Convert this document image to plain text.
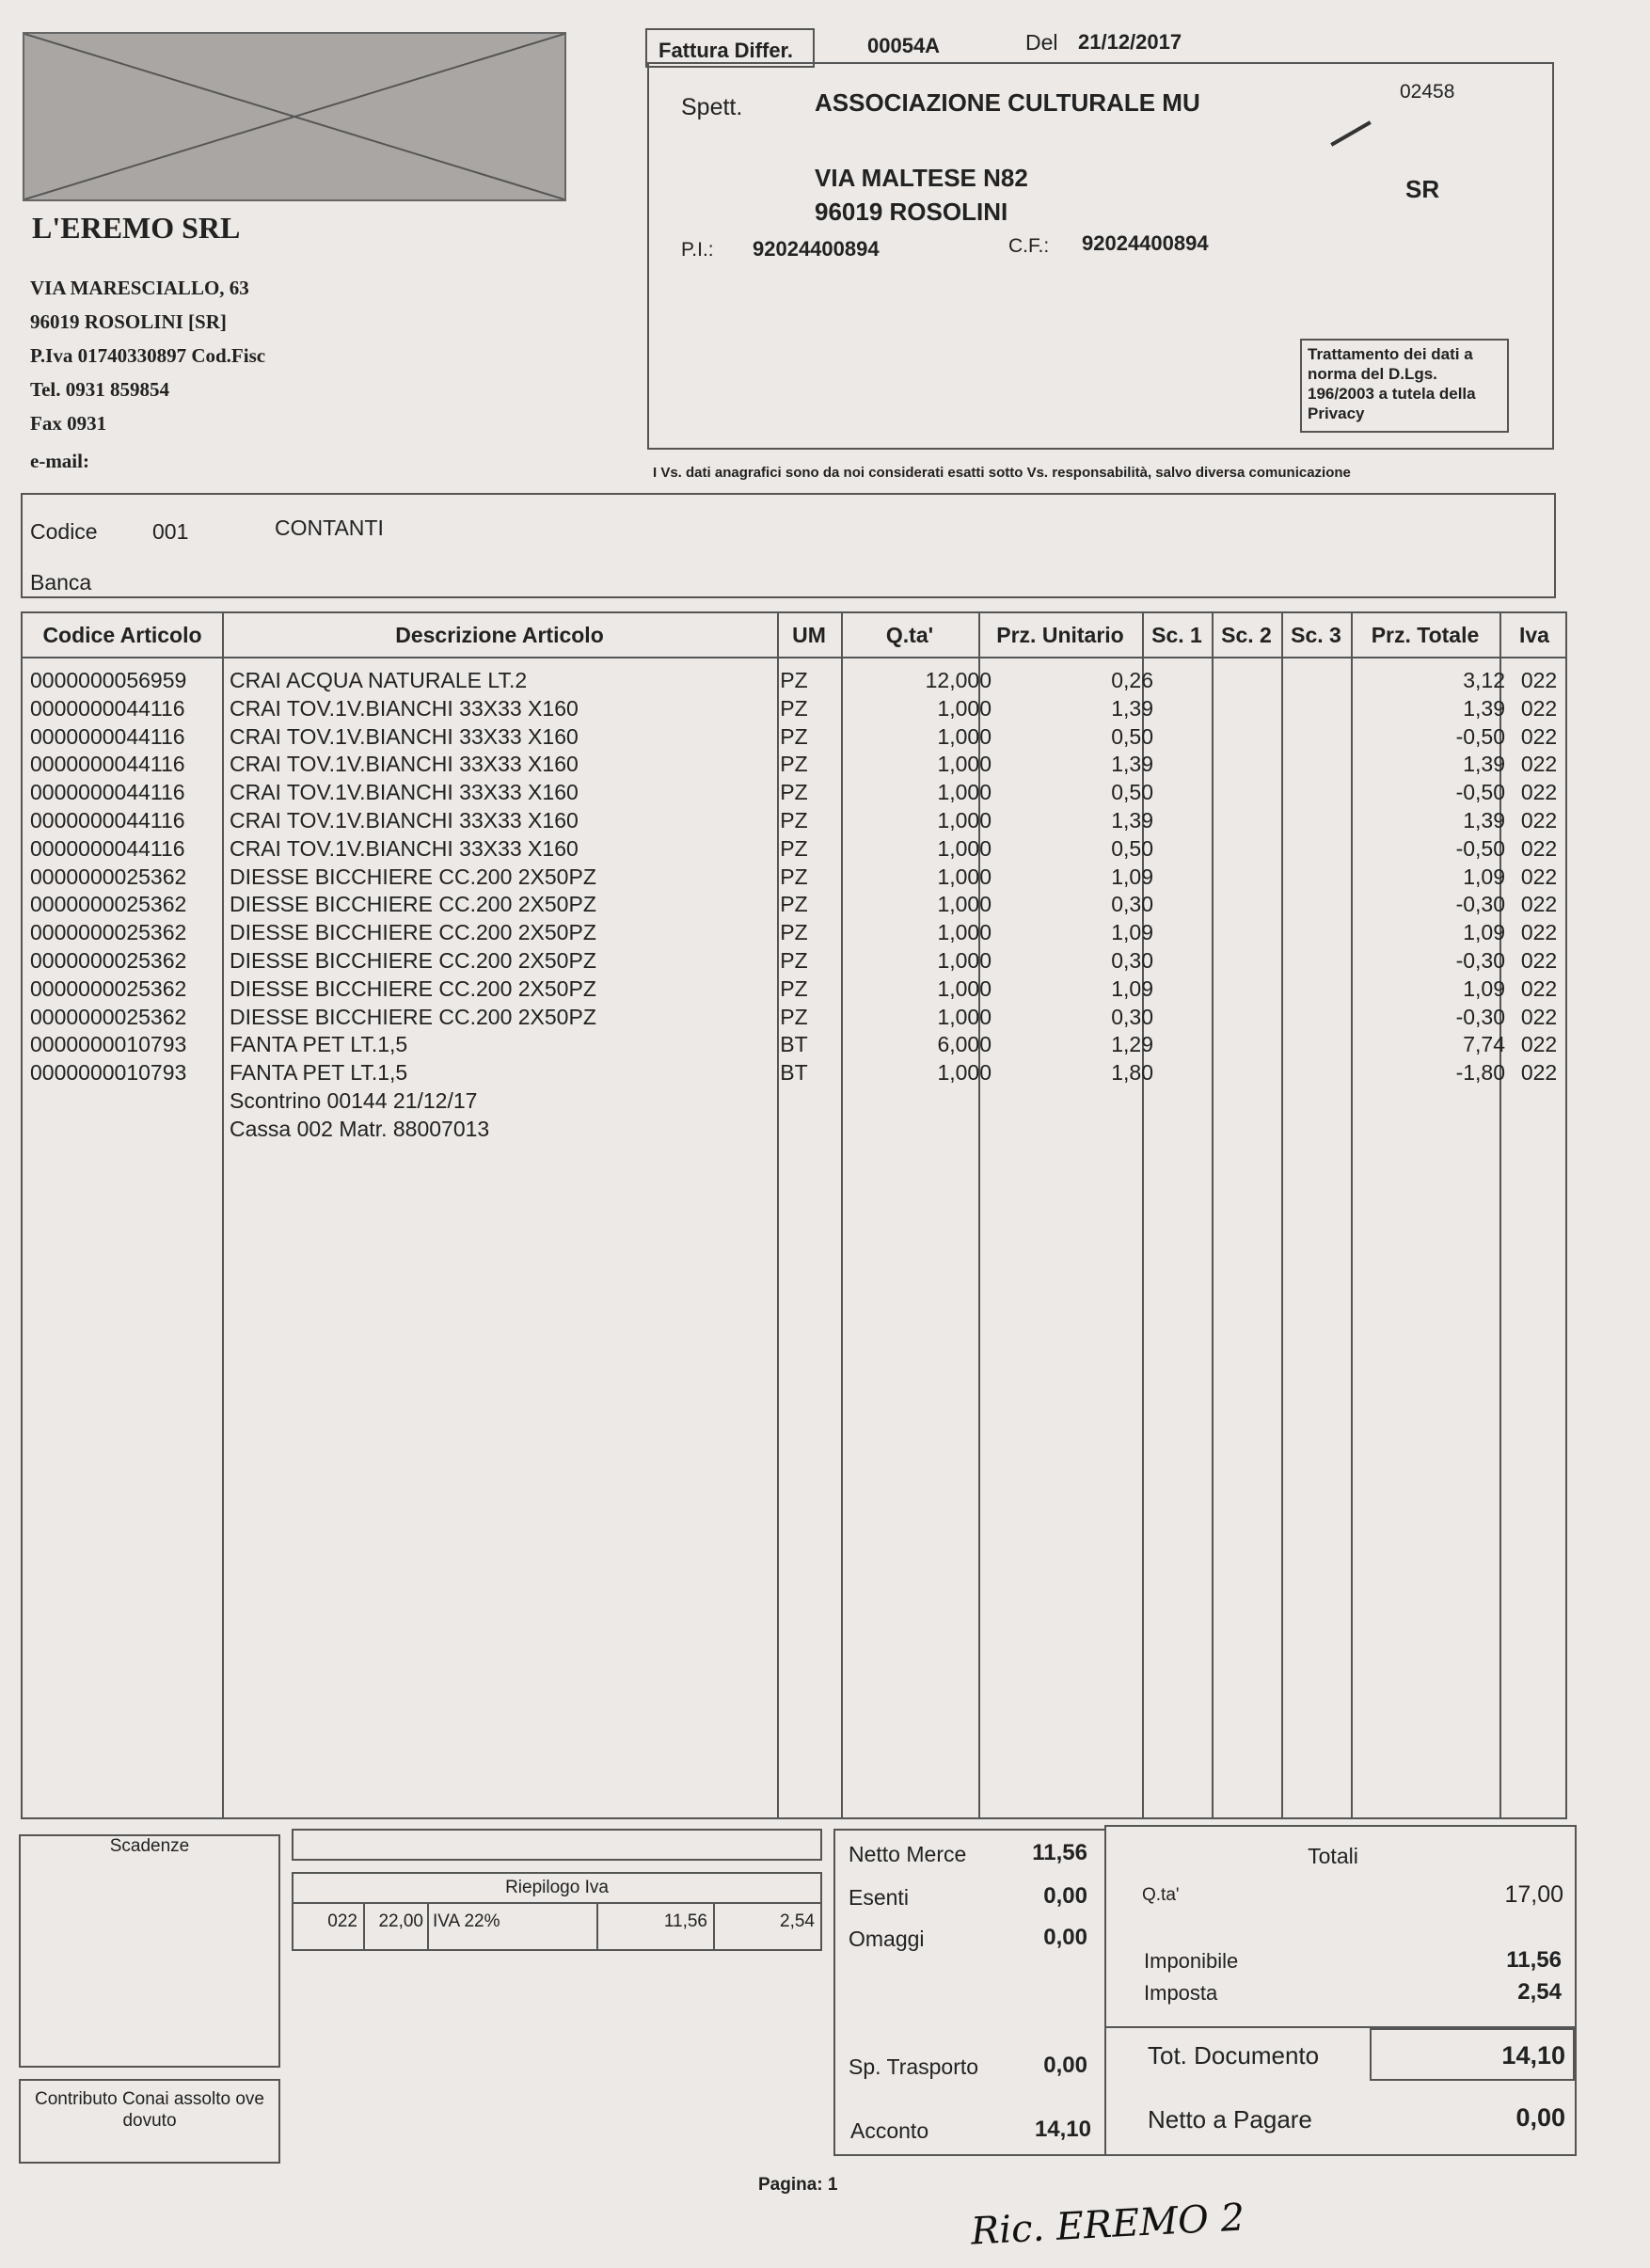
L'EREMO SRL
VIA MARESCIALLO, 63
96019 ROSOLINI [SR]
P.Iva 01740330897 Cod.Fisc
Tel. 0931 859854
Fax 0931
e-mail:
Fattura Differ.	00054A	Del 21/12/2017
Spett.	ASSOCIAZIONE CULTURALE MU	02458
VIA MALTESE N82
96019 ROSOLINI
SR
P.I.: 92024400894	C.F.: 92024400894
Trattamento dei dati a norma del D.Lgs. 196/2003 a tutela della Privacy
I Vs. dati anagrafici sono da noi considerati esatti sotto Vs. responsabilità, salvo diversa comunicazione
Codice	001	CONTANTI
Banca
Codice Articolo	Descrizione Articolo	UM	Q.ta'	Prz. Unitario	Sc. 1 Sc. 2 Sc. 3	Prz. Totale	Iva
0000000056959 CRAI ACQUA NATURALE LT.2	PZ	12,000	0,26	3,12 022
0000000044116 CRAI TOV.1V.BIANCHI 33X33 X160	PZ	1,000	1,39	1,39 022
0000000044116 CRAI TOV.1V.BIANCHI 33X33 X160	PZ	1,000	0,50	-0,50 022
0000000044116 CRAI TOV.1V.BIANCHI 33X33 X160	PZ	1,000	1,39	1,39 022
0000000044116 CRAI TOV.1V.BIANCHI 33X33 X160	PZ	1,000	0,50	-0,50 022
0000000044116 CRAI TOV.1V.BIANCHI 33X33 X160	PZ	1,000	1,39	1,39 022
0000000044116 CRAI TOV.1V.BIANCHI 33X33 X160	PZ	1,000	0,50	-0,50 022
0000000025362 DIESSE BICCHIERE CC.200 2X50PZ	PZ	1,000	1,09	1,09 022
0000000025362 DIESSE BICCHIERE CC.200 2X50PZ	PZ	1,000	0,30	-0,30 022
0000000025362 DIESSE BICCHIERE CC.200 2X50PZ	PZ	1,000	1,09	1,09 022
0000000025362 DIESSE BICCHIERE CC.200 2X50PZ	PZ	1,000	0,30	-0,30 022
0000000025362 DIESSE BICCHIERE CC.200 2X50PZ	PZ	1,000	1,09	1,09 022
0000000025362 DIESSE BICCHIERE CC.200 2X50PZ	PZ	1,000	0,30	-0,30 022
0000000010793 FANTA PET LT.1,5	BT	6,000	1,29	7,74 022
0000000010793 FANTA PET LT.1,5	BT	1,000	1,80	-1,80 022
Scontrino 00144 21/12/17
Cassa 002 Matr. 88007013
Scadenze
Contributo Conai assolto ove dovuto
Riepilogo Iva
022	22,00 IVA 22%	11,56	2,54
Netto Merce	11,56
Esenti	0,00
Omaggi	0,00
Sp. Trasporto	0,00
Acconto	14,10
Totali
Q.ta'	17,00
Imponibile	11,56
Imposta	2,54
Tot. Documento	14,10
Netto a Pagare	0,00
Pagina: 1
Ric. EREMO 2
